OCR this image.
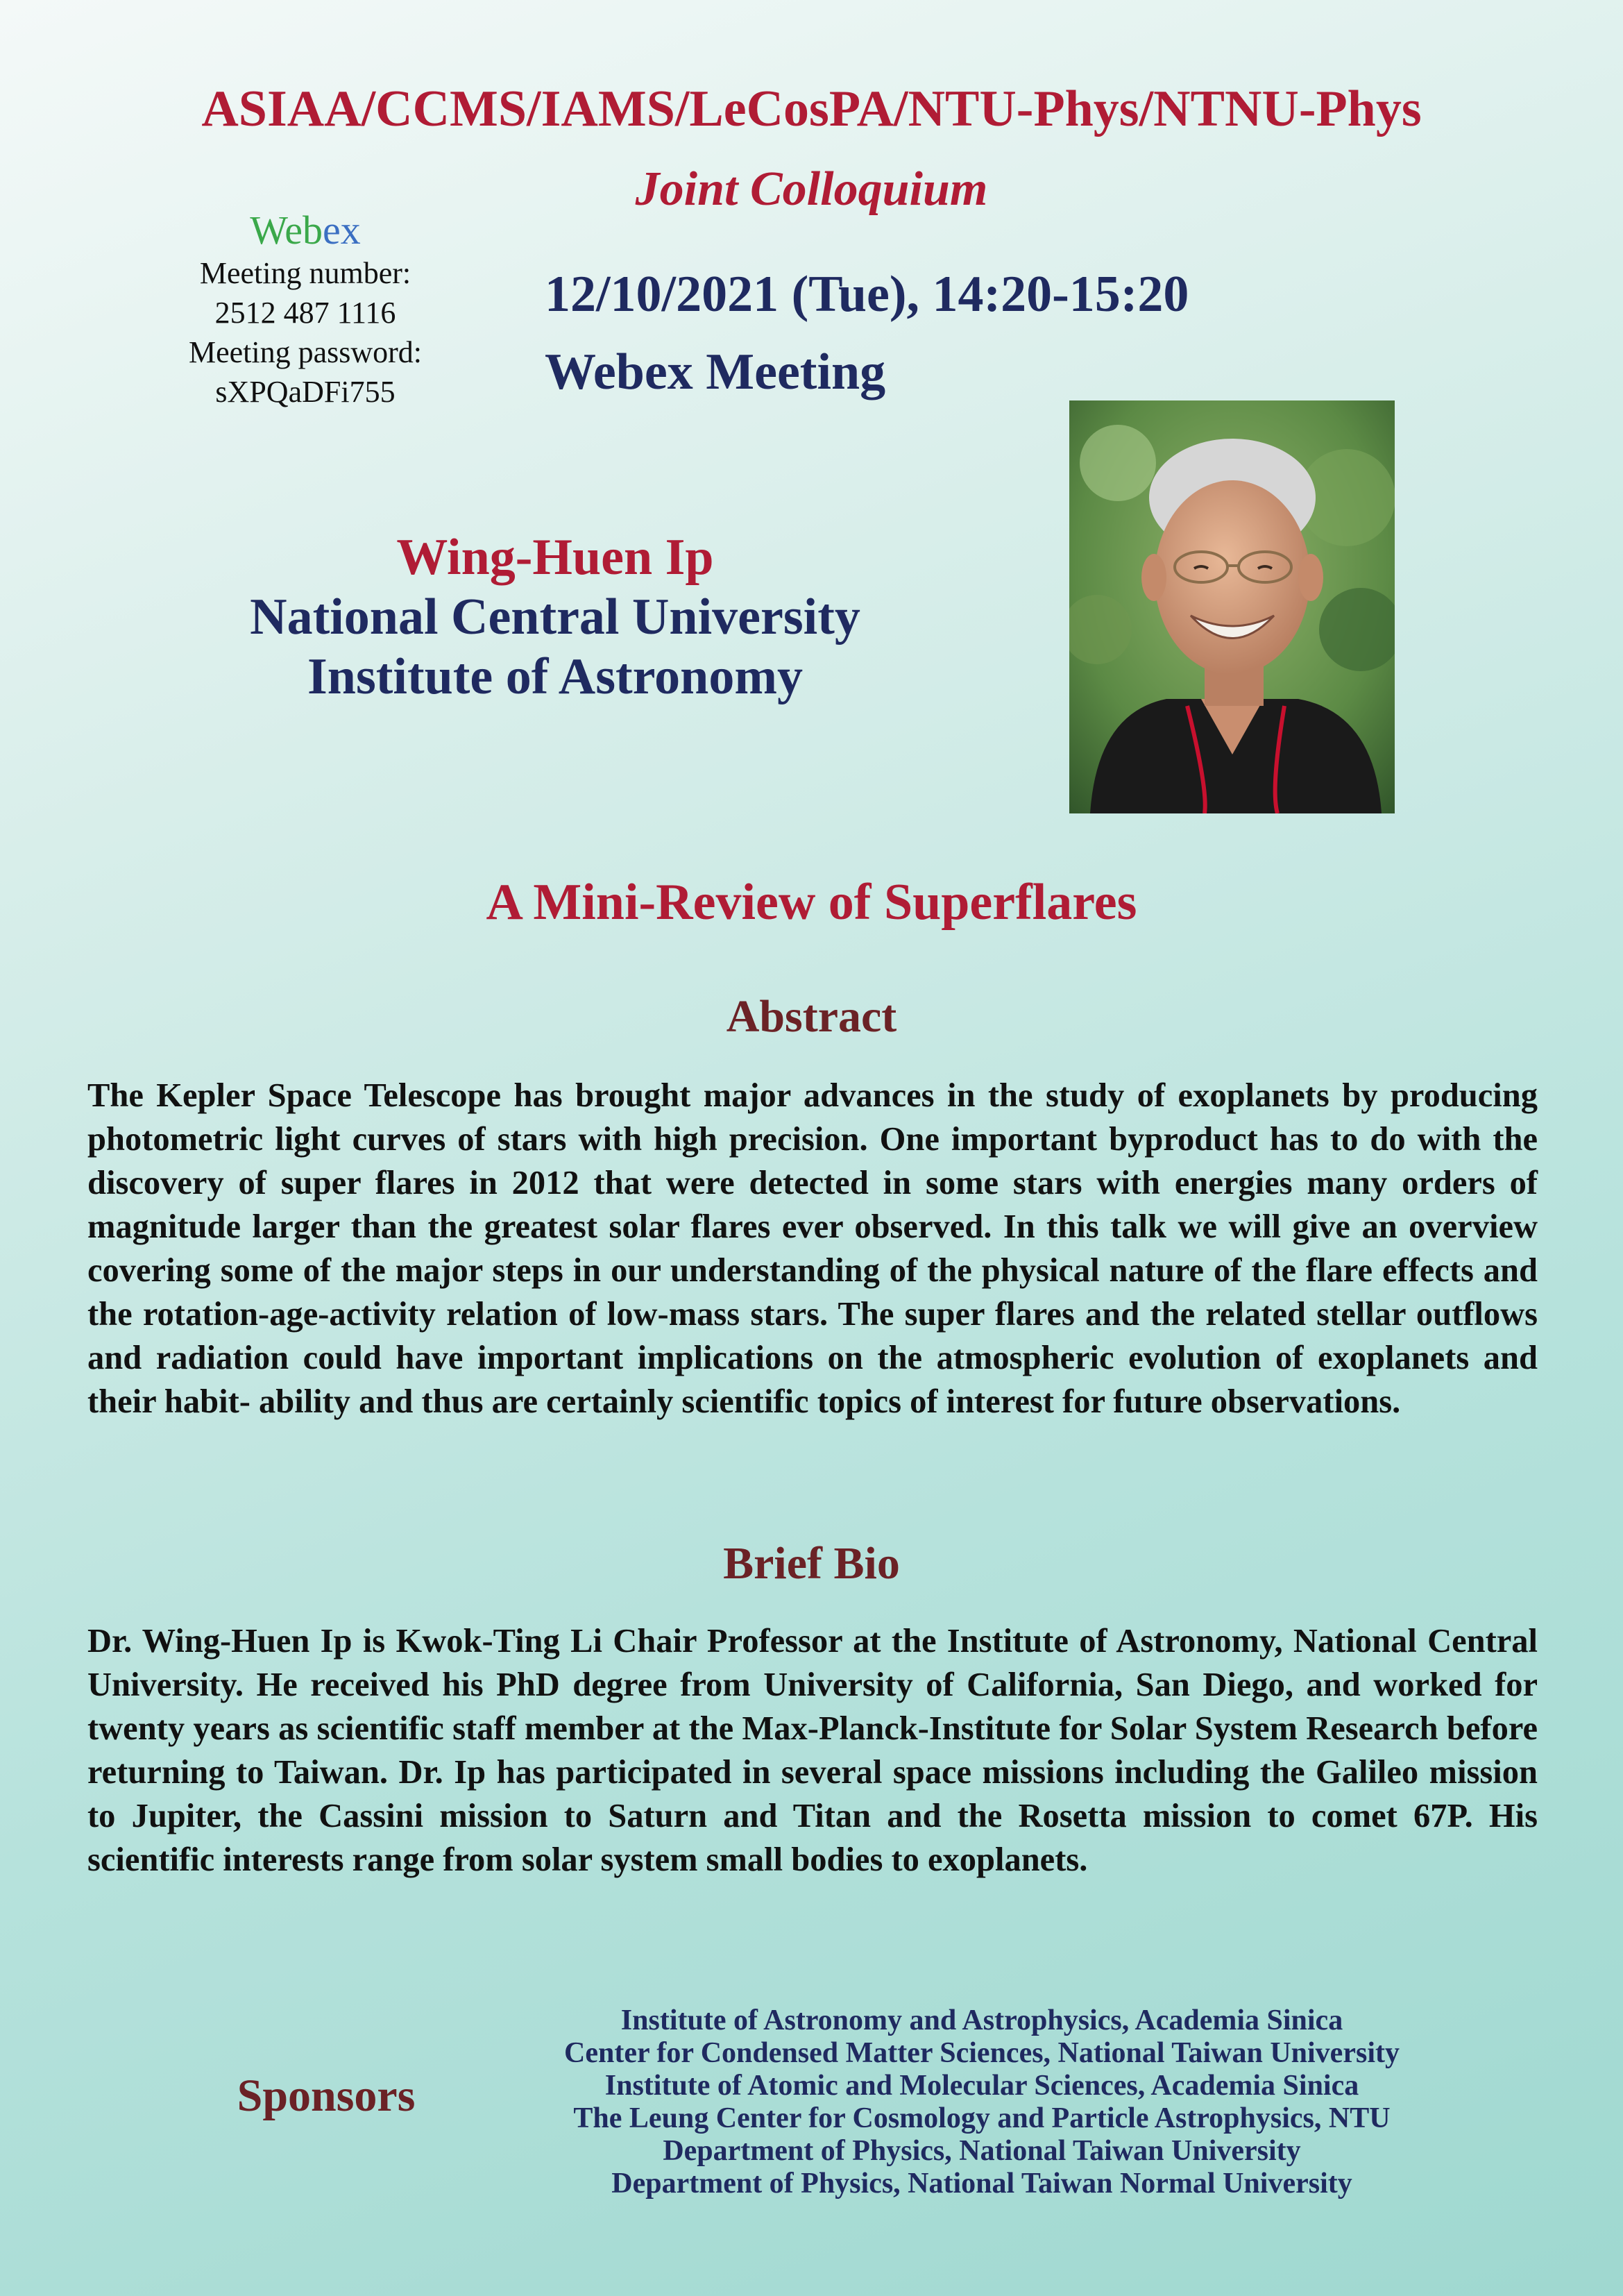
ASIAA/CCMS/IAMS/LeCosPA/NTU-Phys/NTNU-Phys
Joint Colloquium
Webex
Meeting number:
2512 487 1116
Meeting password:
sXPQaDFi755
12/10/2021 (Tue), 14:20-15:20
Webex Meeting
Wing-Huen Ip
National Central University
Institute of Astronomy
A Mini-Review of Superflares
Abstract
The Kepler Space Telescope has brought major advances in the study of exoplanets by producing photometric light curves of stars with high precision. One important byproduct has to do with the discovery of super flares in 2012 that were detected in some stars with energies many orders of magnitude larger than the greatest solar flares ever observed. In this talk we will give an overview covering some of the major steps in our understanding of the physical nature of the flare effects and the rotation-age-activity relation of low-mass stars. The super flares and the related stellar outflows and radiation could have important implications on the atmospheric evolution of exoplanets and their habit- ability and thus are certainly scientific topics of interest for future observations.
Brief Bio
Dr. Wing-Huen Ip is Kwok-Ting Li Chair Professor at the Institute of Astronomy, National Central University. He received his PhD degree from University of California, San Diego, and worked for twenty years as scientific staff member at the Max-Planck-Institute for Solar System Research before returning to Taiwan. Dr. Ip has participated in several space missions including the Galileo mission to Jupiter, the Cassini mission to Saturn and Titan and the Rosetta mission to comet 67P. His scientific interests range from solar system small bodies to exoplanets.
Sponsors
Institute of Astronomy and Astrophysics, Academia Sinica
Center for Condensed Matter Sciences, National Taiwan University
Institute of Atomic and Molecular Sciences, Academia Sinica
The Leung Center for Cosmology and Particle Astrophysics, NTU
Department of Physics, National Taiwan University
Department of Physics, National Taiwan Normal University
